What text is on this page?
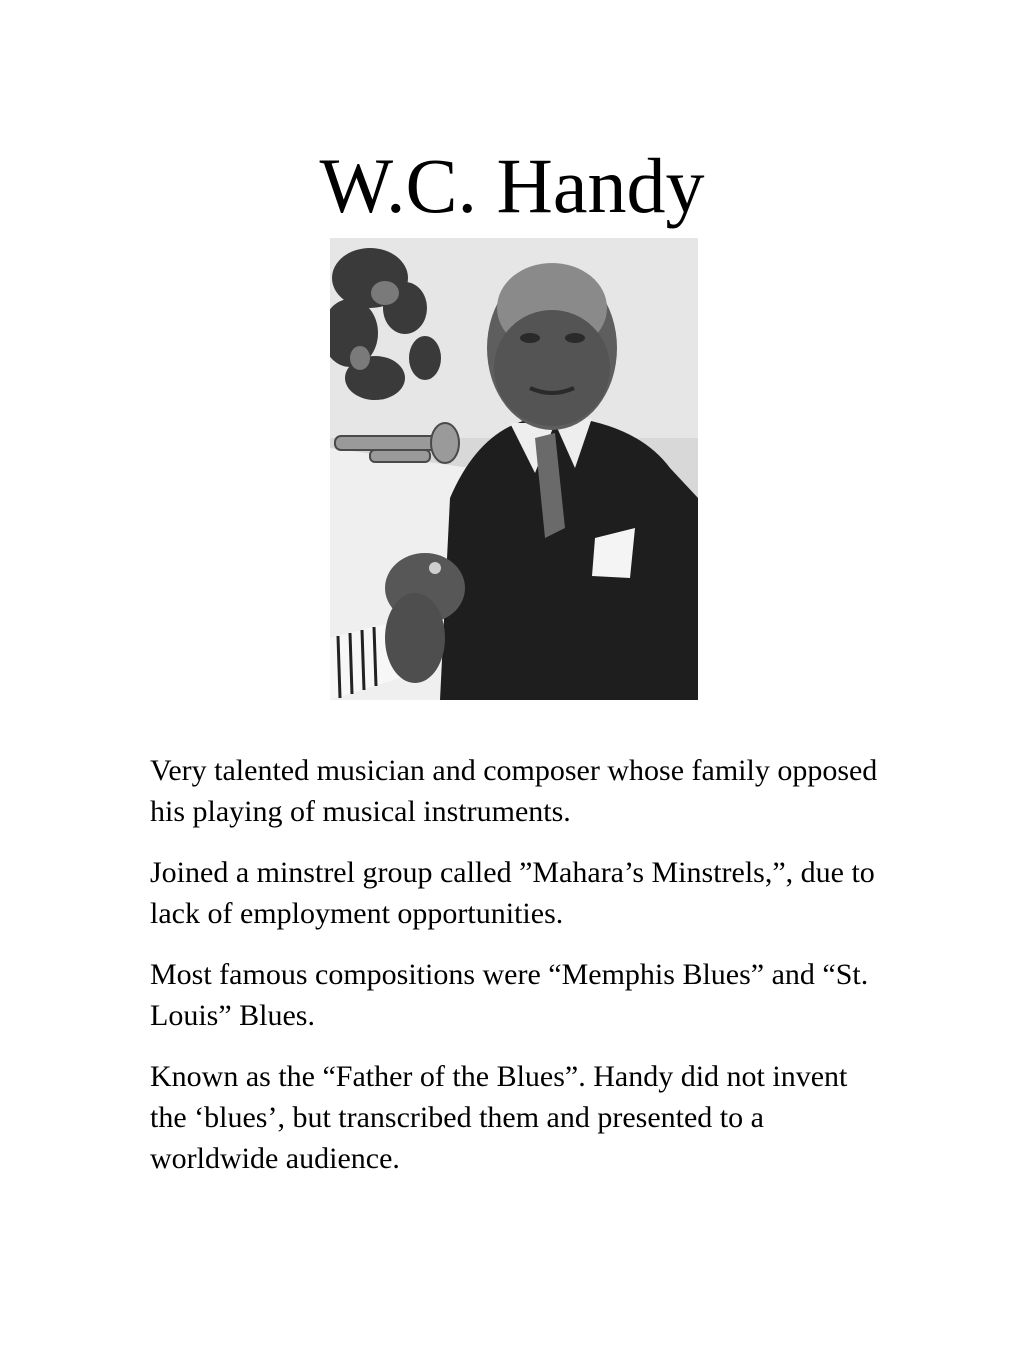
W.C. Handy
Very talented musician and composer whose family opposed his playing of musical instruments.
Joined a minstrel group called ”Mahara’s Minstrels,”, due to lack of employment opportunities.
Most famous compositions were “Memphis Blues” and “St. Louis” Blues.
Known as the “Father of the Blues”. Handy did not invent the ‘blues’, but transcribed them and presented to a worldwide audience.
